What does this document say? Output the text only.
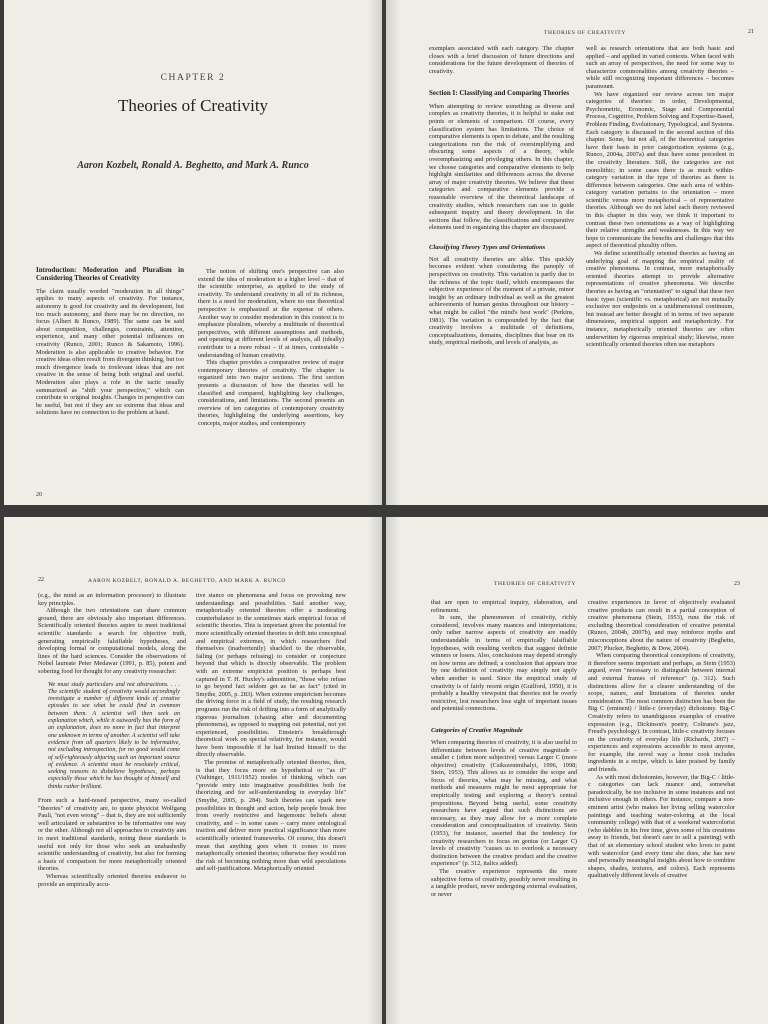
CHAPTER 2
Theories of Creativity
Aaron Kozbelt, Ronald A. Beghetto, and Mark A. Runco
Introduction: Moderation and Pluralism in Considering Theories of Creativity

The claim usually worded "moderation in all things" applies to many aspects of creativity. For instance, autonomy is good for creativity and its development, but too much autonomy, and there may be no direction, no focus (Albert & Runco, 1989). The same can be said about competition, challenges, constraints, attention, experience, and many other potential influences on creativity (Runco, 2001; Runco & Sakamoto, 1996). Moderation is also applicable to creative behavior. For creative ideas often result from divergent thinking, but too much divergence leads to irrelevant ideas that are not creative in the sense of being both original and useful. Moderation also plays a role in the tactic usually summarized as "shift your perspective," which can contribute to original insights. Changes in perspective can be useful, but not if they are so extreme that ideas and solutions have no connection to the problem at hand.

The notion of shifting one's perspective can also extend the idea of moderation to a higher level – that of the scientific enterprise, as applied to the study of creativity. To understand creativity in all of its richness, there is a need for moderation, where no one theoretical perspective is emphasized at the expense of others. Another way to consider moderation in this context is to emphasize pluralism, whereby a multitude of theoretical perspectives, with different assumptions and methods, and operating at different levels of analysis, all (ideally) contribute to a more robust – if at times, contestable – understanding of human creativity.

This chapter provides a comparative review of major contemporary theories of creativity. The chapter is organized into two major sections. The first section presents a discussion of how the theories will be classified and compared, highlighting key challenges, considerations, and limitations. The second presents an overview of ten categories of contemporary creativity theories, highlighting the underlying assertions, key concepts, major studies, and contemporary

20
THEORIES OF CREATIVITY	21

exemplars associated with each category. The chapter closes with a brief discussion of future directions and considerations for the future development of theories of creativity.

Section I: Classifying and Comparing Theories

When attempting to review something as diverse and complex as creativity theories, it is helpful to stake out points or elements of comparison. Of course, every classification system has limitations. The choice of comparative elements is open to debate, and the resulting categorizations run the risk of oversimplifying and obscuring some aspects of a theory, while overemphasizing and privileging others. In this chapter, we choose categories and comparative elements to help highlight similarities and differences across the diverse array of major creativity theories. We believe that these categories and comparative elements provide a reasonable overview of the theoretical landscape of creativity studies, which researchers can use to guide subsequent inquiry and theory development. In the sections that follow, the classifications and comparative elements used in organizing this chapter are discussed.

Classifying Theory Types and Orientations

Not all creativity theories are alike. This quickly becomes evident when considering the panoply of perspectives on creativity. This variation is partly due to the richness of the topic itself, which encompasses the subjective experience of the moment of a private, minor insight by an ordinary individual as well as the greatest achievements of human genius throughout our history – what might be called "the mind's best work" (Perkins, 1981). The variation is compounded by the fact that creativity involves a multitude of definitions, conceptualizations, domains, disciplines that bear on its study, empirical methods, and levels of analysis, as

well as research orientations that are both basic and applied – and applied in varied contexts. When faced with such an array of perspectives, the need for some way to characterize commonalities among creativity theories – while still recognizing important differences – becomes paramount.

We have organized our review across ten major categories of theories: in order, Developmental, Psychometric, Economic, Stage and Componential Process, Cognitive, Problem Solving and Expertise-Based, Problem Finding, Evolutionary, Typological, and Systems. Each category is discussed in the second section of this chapter. Some, but not all, of the theoretical categories have their basis in prior categorization systems (e.g., Runco, 2004a, 2007a) and thus have some precedent in the creativity literature. Still, the categories are not monolithic; in some cases there is as much within-category variation in the type of theories as there is difference between categories. One such area of within-category variation pertains to the orientation – more scientific versus more metaphorical – of representative theories. Although we do not label each theory reviewed in this chapter in this way, we think it important to contrast these two orientations as a way of highlighting their relative strengths and weaknesses. In this way we hope to communicate the benefits and challenges that this aspect of theoretical plurality offers.

We define scientifically oriented theories as having an underlying goal of mapping the empirical reality of creative phenomena. In contrast, more metaphorically oriented theories attempt to provide alternative representations of creative phenomena. We describe theories as having an "orientation" to signal that these two basic types (scientific vs. metaphorical) are not mutually exclusive nor endpoints on a unidimensional continuum, but instead are better thought of in terms of two separate dimensions, empirical support and metaphoricity. For instance, metaphorically oriented theories are often underwritten by rigorous empirical study; likewise, more scientifically oriented theories often use metaphors

22	AARON KOZBELT, RONALD A. BEGHETTO, AND MARK A. RUNCO

(e.g., the mind as an information processor) to illustrate key principles.

Although the two orientations can share common ground, there are obviously also important differences. Scientifically oriented theories aspire to meet traditional scientific standards: a search for objective truth, generating empirically falsifiable hypotheses, and developing formal or computational models, along the lines of the hard sciences. Consider the observations of Nobel laureate Peter Medawar (1991, p. 85), potent and sobering food for thought for any creativity researcher:

We must study particulars and not abstractions. . . . The scientific student of creativity would accordingly investigate a number of different kinds of creative episodes to see what he could find in common between them. A scientist will then seek an explanation which, while it outwardly has the form of an explanation, does no more in fact that interpret one unknown in terms of another. A scientist will take evidence from all quarters likely to be informative, not excluding introspection, for no good would come of self-righteously abjuring such an important source of evidence. A scientist must be resolutely critical, seeking reasons to disbelieve hypotheses, perhaps especially those which he has thought of himself and thinks rather brilliant.

From such a hard-nosed perspective, many so-called "theories" of creativity are, to quote physicist Wolfgang Pauli, "not even wrong" – that is, they are not sufficiently well articulated or substantive to be informative one way or the other. Although not all approaches to creativity aim to meet traditional standards, noting these standards is useful not only for those who seek an unabashedly scientific understanding of creativity, but also for forming a basis of comparison for more metaphorically oriented theories.

Whereas scientifically oriented theories endeavor to provide an empirically accu-

tive stance on phenomena and focus on provoking new understandings and possibilities. Said another way, metaphorically oriented theories offer a moderating counterbalance to the sometimes stark empirical focus of scientific theories. This is important given the potential for more scientifically oriented theories to drift into conceptual and empirical extremes, in which researchers find themselves (inadvertently) shackled to the observable, failing (or perhaps refusing) to consider or conjecture beyond that which is directly observable. The problem with an extreme empiricist position is perhaps best captured in T. H. Huxley's admonition, "those who refuse to go beyond fact seldom get as far as fact" (cited in Smythe, 2005, p. 283). When extreme empiricism becomes the driving force in a field of study, the resulting research programs run the risk of drifting into a form of analytically rigorous journalism (chasing after and documenting phenomena), as opposed to mapping out potential, not yet experienced, possibilities. Einstein's breakthrough theoretical work on special relativity, for instance, would have been impossible if he had limited himself to the directly observable.

The promise of metaphorically oriented theories, then, is that they focus more on hypothetical or "as if" (Vaihinger, 1911/1952) modes of thinking, which can "provide entry into imaginative possibilities both for theorizing and for self-understanding in everyday life" (Smythe, 2005, p. 284). Such theories can spark new possibilities in thought and action, help people break free from overly restrictive and hegemonic beliefs about creativity, and – in some cases – carry more ontological traction and deliver more practical significance than more scientifically oriented frameworks. Of course, this doesn't mean that anything goes when it comes to more metaphorically oriented theories; otherwise they would run the risk of becoming nothing more than wild speculations and self-justifications. Metaphorically oriented

THEORIES OF CREATIVITY	23

that are open to empirical inquiry, elaboration, and refinement.

In sum, the phenomenon of creativity, richly considered, involves many nuances and interpretations; only rather narrow aspects of creativity are readily understandable in terms of empirically falsifiable hypotheses, with resulting verdicts that suggest definite winners or losers. Also, conclusions may depend strongly on how terms are defined; a conclusion that appears true by one definition of creativity may simply not apply when another is used. Since the empirical study of creativity is of fairly recent origin (Guilford, 1950), it is probably a healthy viewpoint that theories not be overly restrictive, lest researchers lose sight of important issues and potential connections.

Categories of Creative Magnitude

When comparing theories of creativity, it is also useful to differentiate between levels of creative magnitude – smaller c (often more subjective) versus Larger C (more objective) creativity (Csikszentmihalyi, 1996, 1998; Stein, 1953). This allows us to consider the scope and focus of theories, what may be missing, and what methods and measures might be most appropriate for empirically testing and exploring a theory's central propositions. Beyond being useful, some creativity researchers have argued that such distinctions are necessary, as they may allow for a more complete consideration and conceptualization of creativity. Stein (1953), for instance, asserted that the tendency for creativity researchers to focus on genius (or Larger C) levels of creativity "causes us to overlook a necessary distinction between the creative product and the creative experience" (p. 312, italics added).

The creative experience represents the more subjective forms of creativity, possibly never resulting in a tangible product, never undergoing external evaluation, or never

creative experiences in favor of objectively evaluated creative products can result in a partial conception of creative phenomena (Stein, 1953), runs the risk of excluding theoretical consideration of creative potential (Runco, 2004b, 2007b), and may reinforce myths and misconceptions about the nature of creativity (Beghetto, 2007; Plucker, Beghetto, & Dow, 2004).

When comparing theoretical conceptions of creativity, it therefore seems important and perhaps, as Stein (1953) argued, even "necessary to distinguish between internal and external frames of reference" (p. 312). Such distinctions allow for a clearer understanding of the scope, nature, and limitations of theories under consideration. The most common distinction has been the Big C (eminent) / little-c (everyday) dichotomy. Big-C Creativity refers to unambiguous examples of creative expression (e.g., Dickinson's poetry, Coltrane's jazz, Freud's psychology). In contrast, little-c creativity focuses on the creativity of everyday life (Richards, 2007) – experiences and expressions accessible to most anyone, for example, the novel way a home cook includes ingredients in a recipe, which is later praised by family and friends.

As with most dichotomies, however, the Big-C / little-c categories can lack nuance and, somewhat paradoxically, be too inclusive in some instances and not inclusive enough in others. For instance, compare a non-eminent artist (who makes her living selling watercolor paintings and teaching water-coloring at the local community college) with that of a weekend watercolorist (who dabbles in his free time, gives some of his creations away to friends, but doesn't care to sell a painting) with that of an elementary school student who loves to paint with watercolor (and every time she does, she has new and personally meaningful insights about how to combine shapes, shades, textures, and colors). Each represents qualitatively different levels of creative
